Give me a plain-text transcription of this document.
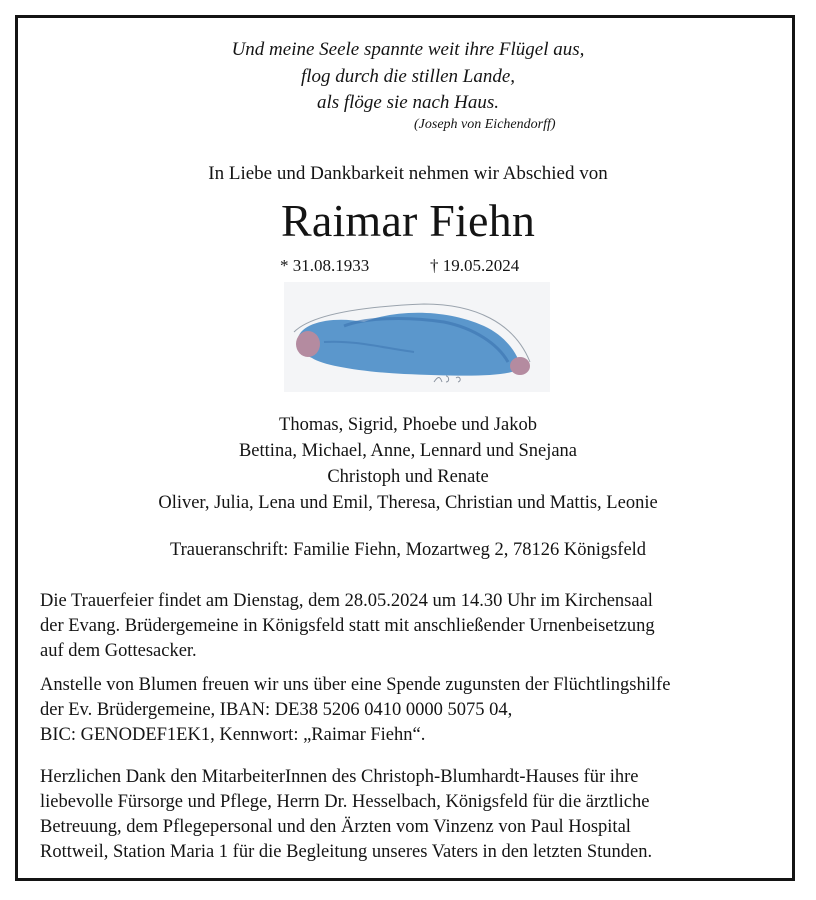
Und meine Seele spannte weit ihre Flügel aus,
flog durch die stillen Lande,
als flöge sie nach Haus.
(Joseph von Eichendorff)
In Liebe und Dankbarkeit nehmen wir Abschied von
Raimar Fiehn
* 31.08.1933	† 19.05.2024
Thomas, Sigrid, Phoebe und Jakob
Bettina, Michael, Anne, Lennard und Snejana
Christoph und Renate
Oliver, Julia, Lena und Emil, Theresa, Christian und Mattis, Leonie
Traueranschrift: Familie Fiehn, Mozartweg 2, 78126 Königsfeld
Die Trauerfeier findet am Dienstag, dem 28.05.2024 um 14.30 Uhr im Kirchensaal
der Evang. Brüdergemeine in Königsfeld statt mit anschließender Urnenbeisetzung
auf dem Gottesacker.
Anstelle von Blumen freuen wir uns über eine Spende zugunsten der Flüchtlingshilfe
der Ev. Brüdergemeine, IBAN: DE38 5206 0410 0000 5075 04,
BIC: GENODEF1EK1, Kennwort: „Raimar Fiehn“.
Herzlichen Dank den MitarbeiterInnen des Christoph-Blumhardt-Hauses für ihre
liebevolle Fürsorge und Pflege, Herrn Dr. Hesselbach, Königsfeld für die ärztliche
Betreuung, dem Pflegepersonal und den Ärzten vom Vinzenz von Paul Hospital
Rottweil, Station Maria 1 für die Begleitung unseres Vaters in den letzten Stunden.
